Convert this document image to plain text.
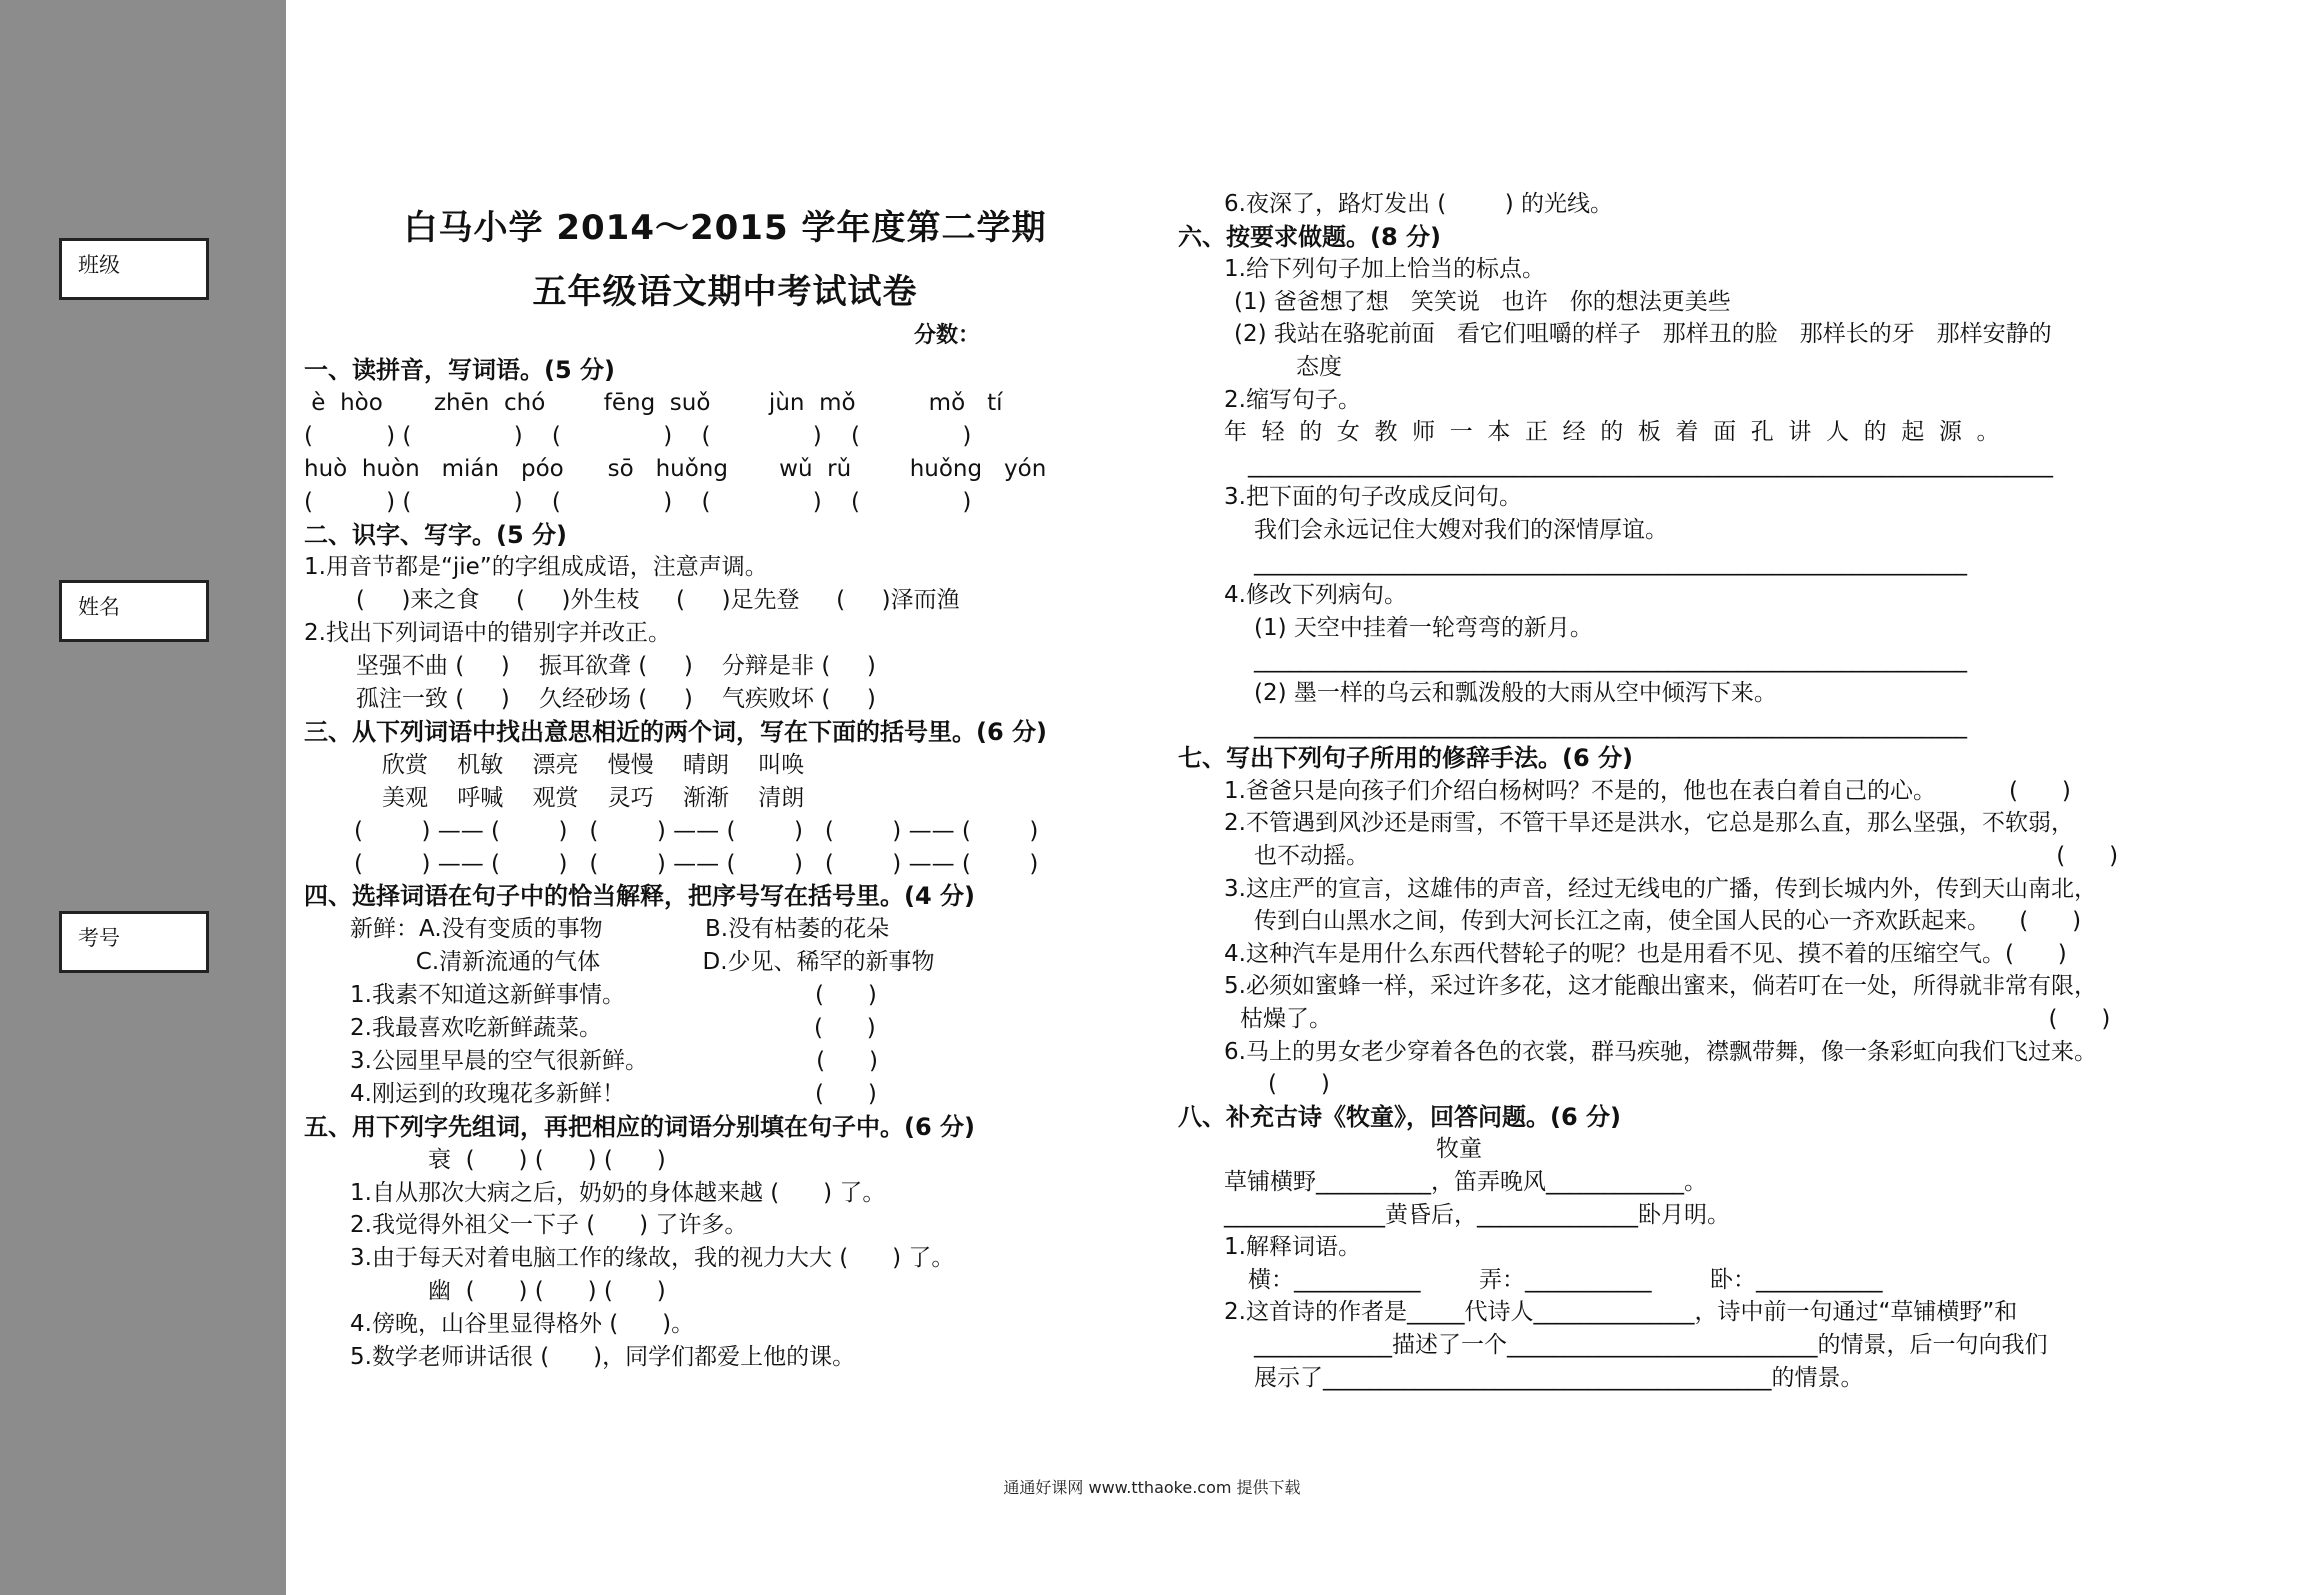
班级
姓名
考号
白马小学 2014～2015 学年度第二学期
五年级语文期中考试试卷
分数：
一、读拼音，写词语。(5 分)
è  hòo       zhēn  chó        fēng  suǒ        jùn  mǒ          mǒ   tí
(          ) (              )    (              )    (              )    (              )
huò  huòn   mián   póo      sō   huǒng       wǔ  rǔ        huǒng   yón
(          ) (              )    (              )    (              )    (              )
二、识字、写字。(5 分)
1.用音节都是“jie”的字组成成语，注意声调。
(     )来之食     (     )外生枝     (     )足先登     (     )泽而渔
2.找出下列词语中的错别字并改正。
坚强不曲 (     )    振耳欲聋 (     )    分辩是非 (     )
孤注一致 (     )    久经砂场 (     )    气疾败坏 (     )
三、从下列词语中找出意思相近的两个词，写在下面的括号里。(6 分)
欣赏    机敏    漂亮    慢慢    晴朗    叫唤
美观    呼喊    观赏    灵巧    渐渐    清朗
(        ) —— (        )   (        ) —— (        )   (        ) —— (        )
(        ) —— (        )   (        ) —— (        )   (        ) —— (        )
四、选择词语在句子中的恰当解释，把序号写在括号里。(4 分)
新鲜：A.没有变质的事物              B.没有枯萎的花朵
C.清新流通的气体              D.少见、稀罕的新事物
1.我素不知道这新鲜事情。                          (      )
2.我最喜欢吃新鲜蔬菜。                             (      )
3.公园里早晨的空气很新鲜。                       (      )
4.刚运到的玫瑰花多新鲜！                          (      )
五、用下列字先组词，再把相应的词语分别填在句子中。(6 分)
衰  (      ) (      ) (      )
1.自从那次大病之后，奶奶的身体越来越 (      ) 了。
2.我觉得外祖父一下子 (      ) 了许多。
3.由于每天对着电脑工作的缘故，我的视力大大 (      ) 了。
幽  (      ) (      ) (      )
4.傍晚，山谷里显得格外 (      )。
5.数学老师讲话很 (      )，同学们都爱上他的课。
6.夜深了，路灯发出 (        ) 的光线。
六、按要求做题。(8 分)
1.给下列句子加上恰当的标点。
(1) 爸爸想了想   笑笑说   也许   你的想法更美些
(2) 我站在骆驼前面   看它们咀嚼的样子   那样丑的脸   那样长的牙   那样安静的
态度
2.缩写句子。
年  轻  的  女  教  师  一  本  正  经  的  板  着  面  孔  讲  人  的  起  源  。
______________________________________________________________________
3.把下面的句子改成反问句。
我们会永远记住大嫂对我们的深情厚谊。
______________________________________________________________
4.修改下列病句。
(1) 天空中挂着一轮弯弯的新月。
______________________________________________________________
(2) 墨一样的乌云和瓢泼般的大雨从空中倾泻下来。
______________________________________________________________
七、写出下列句子所用的修辞手法。(6 分)
1.爸爸只是向孩子们介绍白杨树吗？不是的，他也在表白着自己的心。          (      )
2.不管遇到风沙还是雨雪，不管干旱还是洪水，它总是那么直，那么坚强，不软弱，
也不动摇。                                                                                              (      )
3.这庄严的宣言，这雄伟的声音，经过无线电的广播，传到长城内外，传到天山南北，
传到白山黑水之间，传到大河长江之南，使全国人民的心一齐欢跃起来。    (      )
4.这种汽车是用什么东西代替轮子的呢？也是用看不见、摸不着的压缩空气。(      )
5.必须如蜜蜂一样，采过许多花，这才能酿出蜜来，倘若叮在一处，所得就非常有限，
枯燥了。                                                                                                  (      )
6.马上的男女老少穿着各色的衣裳，群马疾驰，襟飘带舞，像一条彩虹向我们飞过来。
(      )
八、补充古诗《牧童》，回答问题。(6 分)
牧童
草铺横野__________，笛弄晚风____________。
______________黄昏后，______________卧月明。
1.解释词语。
横：___________        弄：___________        卧：___________
2.这首诗的作者是_____代诗人______________，诗中前一句通过“草铺横野”和
____________描述了一个___________________________的情景，后一句向我们
展示了_______________________________________的情景。
通通好课网 www.tthaoke.com 提供下载
